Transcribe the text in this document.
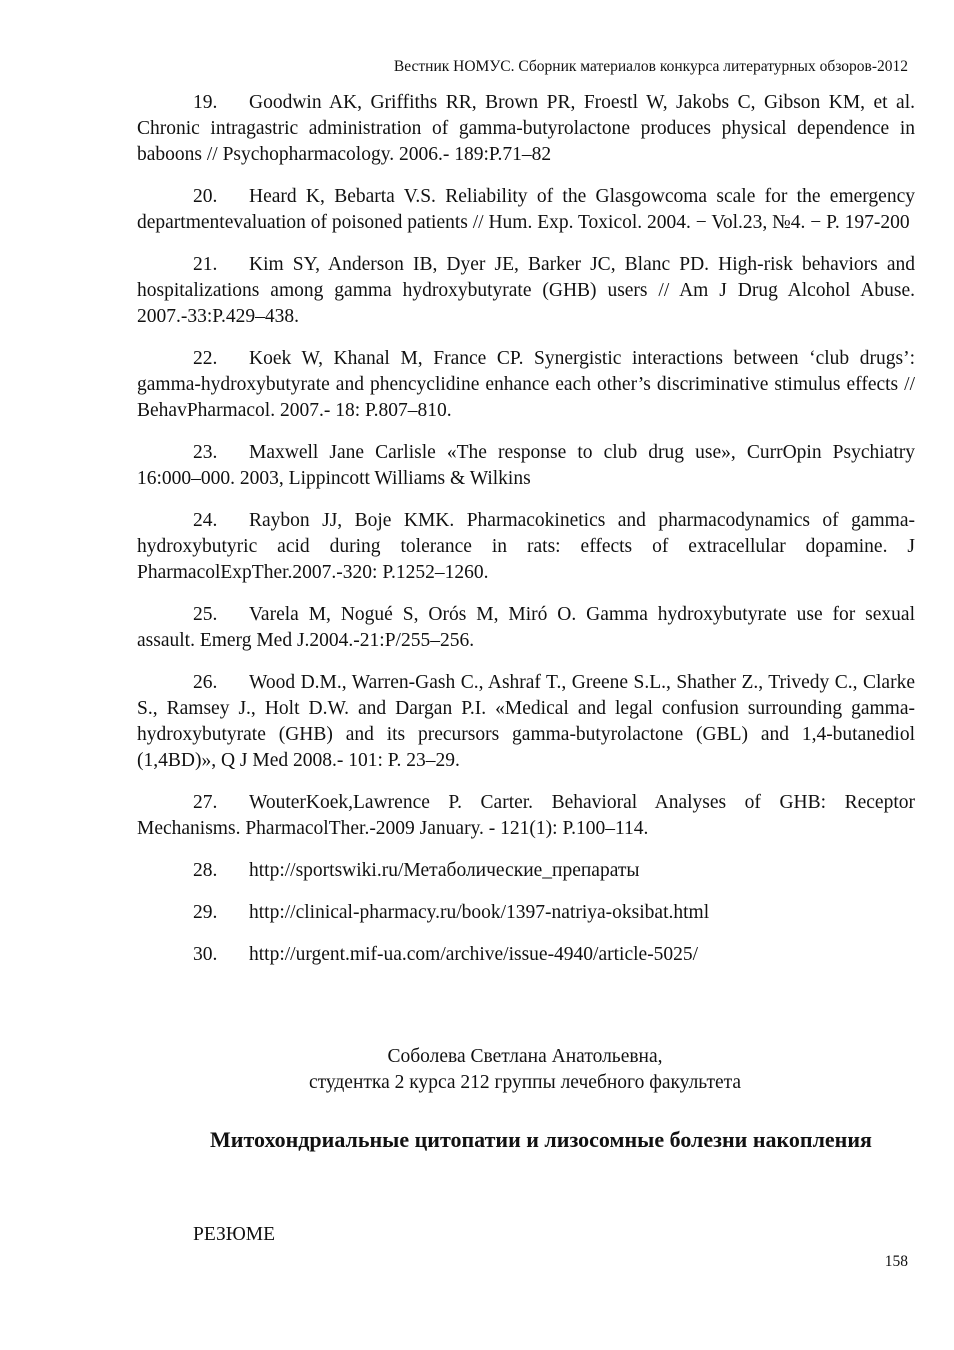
Вестник НОМУС. Сборник материалов конкурса литературных обзоров-2012

19. Goodwin AK, Griffiths RR, Brown PR, Froestl W, Jakobs C, Gibson KM, et al. Chronic intragastric administration of gamma-butyrolactone produces physical dependence in baboons // Psychopharmacology. 2006.- 189:P.71–82

20. Heard K, Bebarta V.S. Reliability of the Glasgowcoma scale for the emergency departmentevaluation of poisoned patients // Hum. Exp. Toxicol. 2004. − Vol.23, №4. − P. 197-200

21. Kim SY, Anderson IB, Dyer JE, Barker JC, Blanc PD. High-risk behaviors and hospitalizations among gamma hydroxybutyrate (GHB) users // Am J Drug Alcohol Abuse. 2007.-33:P.429–438.

22. Koek W, Khanal M, France CP. Synergistic interactions between ‘club drugs’: gamma-hydroxybutyrate and phencyclidine enhance each other’s discriminative stimulus effects // BehavPharmacol. 2007.- 18: P.807–810.

23. Maxwell Jane Carlisle «The response to club drug use», CurrOpin Psychiatry 16:000–000. 2003, Lippincott Williams & Wilkins

24. Raybon JJ, Boje KMK. Pharmacokinetics and pharmacodynamics of gamma-hydroxybutyric acid during tolerance in rats: effects of extracellular dopamine. J PharmacolExpTher.2007.-320: P.1252–1260.

25. Varela M, Nogué S, Orós M, Miró O. Gamma hydroxybutyrate use for sexual assault. Emerg Med J.2004.-21:P/255–256.

26. Wood D.M., Warren-Gash C., Ashraf T., Greene S.L., Shather Z., Trivedy C., Clarke S., Ramsey J., Holt D.W. and Dargan P.I. «Medical and legal confusion surrounding gamma-hydroxybutyrate (GHB) and its precursors gamma-butyrolactone (GBL) and 1,4-butanediol (1,4BD)», Q J Med 2008.- 101: P. 23–29.

27. WouterKoek,Lawrence P. Carter. Behavioral Analyses of GHB: Receptor Mechanisms. PharmacolTher.-2009 January. - 121(1): P.100–114.

28. http://sportswiki.ru/Метаболические_препараты

29. http://clinical-pharmacy.ru/book/1397-natriya-oksibat.html

30. http://urgent.mif-ua.com/archive/issue-4940/article-5025/

Соболева Светлана Анатольевна,
студентка 2 курса 212 группы лечебного факультета
Митохондриальные цитопатии и лизосомные болезни накопления
РЕЗЮМЕ
158
